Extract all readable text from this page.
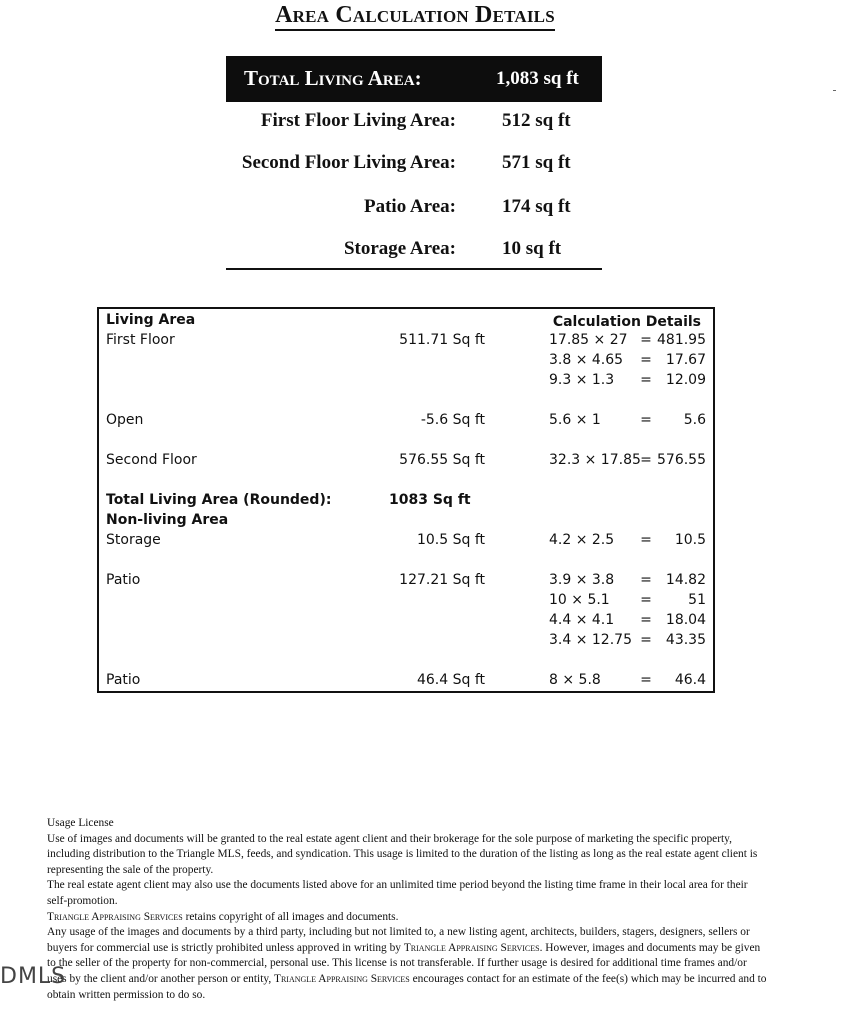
Area Calculation Details
Total Living Area:	1,083 sq ft
First Floor Living Area: 512 sq ft
Second Floor Living Area: 571 sq ft
Patio Area: 174 sq ft
Storage Area: 10 sq ft
Living Area	Calculation Details
First Floor	511.71 Sq ft	17.85 × 27 = 481.95
3.8 × 4.65 = 17.67
9.3 × 1.3 = 12.09
Open	-5.6 Sq ft	5.6 × 1	= 5.6
Second Floor	576.55 Sq ft	32.3 × 17.85 = 576.55
Total Living Area (Rounded):	1083 Sq ft
Non-living Area
Storage	10.5 Sq ft	4.2 × 2.5 = 10.5
Patio	127.21 Sq ft	3.9 × 3.8 = 14.82
10 × 5.1 =	51
4.4 × 4.1 = 18.04
3.4 × 12.75 = 43.35
Patio	46.4 Sq ft	8 × 5.8	= 46.4

Usage License

Use of images and documents will be granted to the real estate agent client and their brokerage for the sole purpose of marketing the specific property, including distribution to the Triangle MLS, feeds, and syndication. This usage is limited to the duration of the listing as long as the real estate agent client is representing the sale of the property.

The real estate agent client may also use the documents listed above for an unlimited time period beyond the listing time frame in their local area for their self-promotion.

Triangle Appraising Services retains copyright of all images and documents.

Any usage of the images and documents by a third party, including but not limited to, a new listing agent, architects, builders, stagers, designers, sellers or buyers for commercial use is strictly prohibited unless approved in writing by Triangle Appraising Services. However, images and documents may be given to the seller of the property for non-commercial, personal use. This license is not transferable. If further usage is desired for additional time frames and/or uses by the client and/or another person or entity, Triangle Appraising Services encourages contact for an estimate of the fee(s) which may be incurred and to obtain written permission to do so.

DMLS
